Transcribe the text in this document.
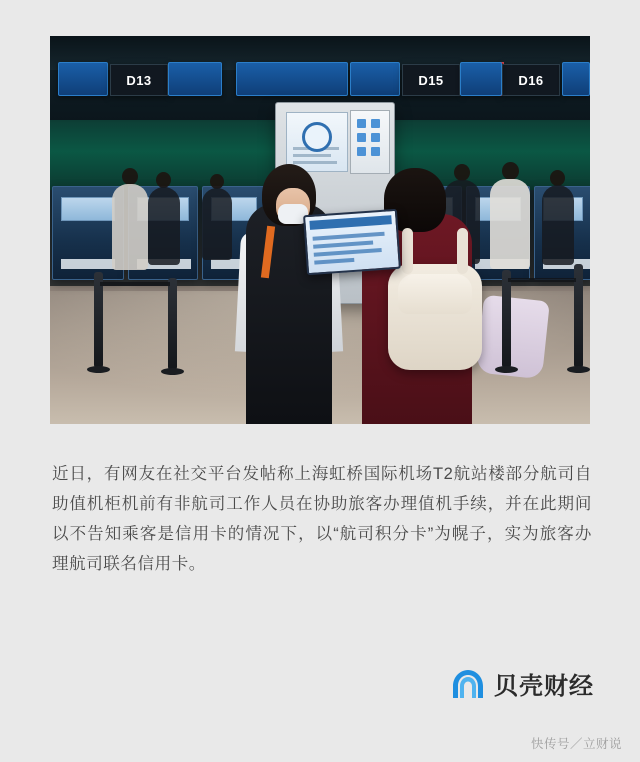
D13	D15	D16

近日，有网友在社交平台发帖称上海虹桥国际机场T2航站楼部分航司自助值机柜机前有非航司工作人员在协助旅客办理值机手续，并在此期间以不告知乘客是信用卡的情况下，以“航司积分卡”为幌子，实为旅客办理航司联名信用卡。

贝壳财经
快传号／立财说
